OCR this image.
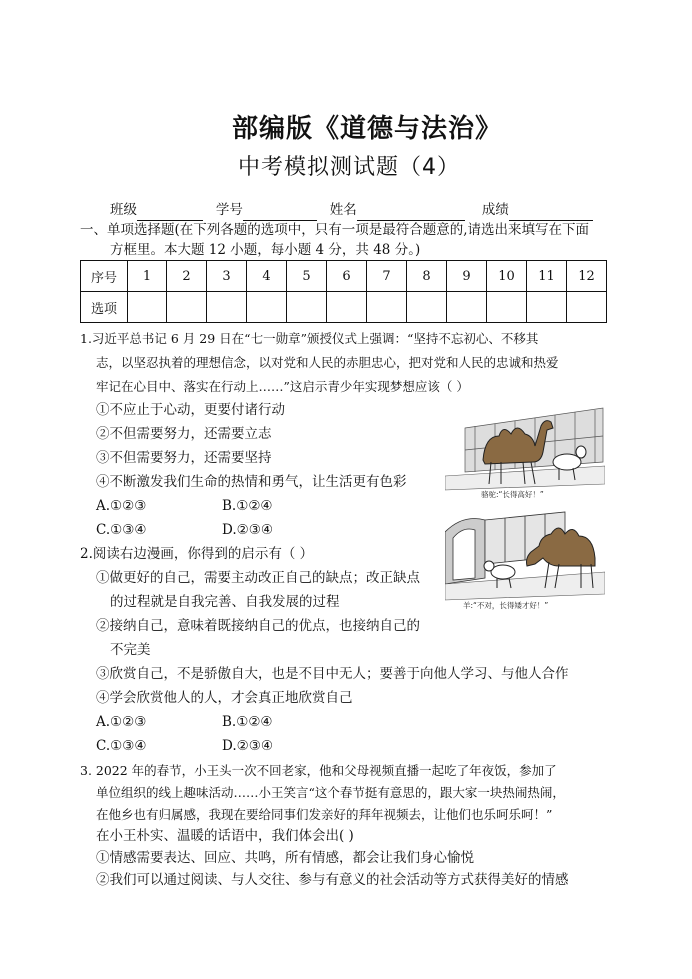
部编版《道德与法治》
中考模拟测试题（4）
班级	学号	姓名	成绩
一、单项选择题(在下列各题的选项中，只有一项是最符合题意的,请选出来填写在下面
方框里。本大题 12 小题，每小题 4 分，共 48 分。)
序号	1	2	3	4	5	6	7	8	9	10	11	12
选项												
1.习近平总书记 6 月 29 日在“七一勋章”颁授仪式上强调：“坚持不忘初心、不移其
志，以坚忍执着的理想信念，以对党和人民的赤胆忠心，把对党和人民的忠诚和热爱
牢记在心目中、落实在行动上……”这启示青少年实现梦想应该（ ）
①不应止于心动，更要付诸行动
②不但需要努力，还需要立志
③不但需要努力，还需要坚持
④不断激发我们生命的热情和勇气，让生活更有色彩
A.①②③	B.①②④
C.①③④	D.②③④
骆驼:“长得高好！”
羊:“不对，长得矮才好！”
2.阅读右边漫画，你得到的启示有（ ）
①做更好的自己，需要主动改正自己的缺点；改正缺点
的过程就是自我完善、自我发展的过程
②接纳自己，意味着既接纳自己的优点，也接纳自己的
不完美
③欣赏自己，不是骄傲自大，也是不目中无人；要善于向他人学习、与他人合作
④学会欣赏他人的人，才会真正地欣赏自己
A.①②③	B.①②④
C.①③④	D.②③④
3. 2022 年的春节，小王头一次不回老家，他和父母视频直播一起吃了年夜饭，参加了
单位组织的线上趣味活动……小王笑言“这个春节挺有意思的，跟大家一块热闹热闹，
在他乡也有归属感，我现在要给同事们发亲好的拜年视频去，让他们也乐呵乐呵！”
在小王朴实、温暖的话语中，我们体会出( )
①情感需要表达、回应、共鸣，所有情感，都会让我们身心愉悦
②我们可以通过阅读、与人交往、参与有意义的社会活动等方式获得美好的情感
